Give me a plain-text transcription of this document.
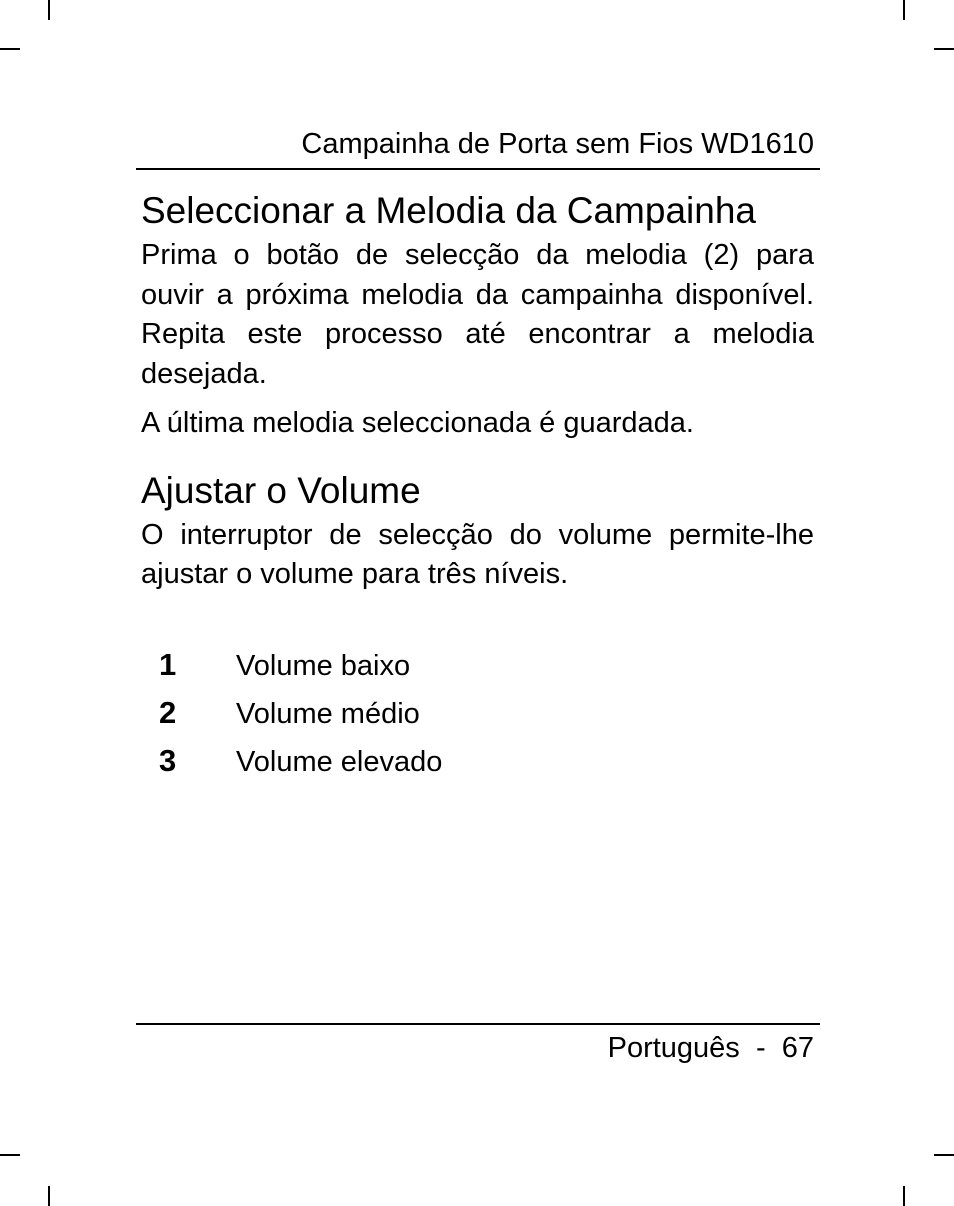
Campainha de Porta sem Fios WD1610
Seleccionar a Melodia da Campainha

Prima o botão de selecção da melodia (2) para ouvir a próxima melodia da campainha disponível. Repita este processo até encontrar a melodia desejada.

A última melodia seleccionada é guardada.

Ajustar o Volume

O interruptor de selecção do volume permite-lhe ajustar o volume para três níveis.

1	Volume baixo
2	Volume médio
3	Volume elevado
Português - 67
